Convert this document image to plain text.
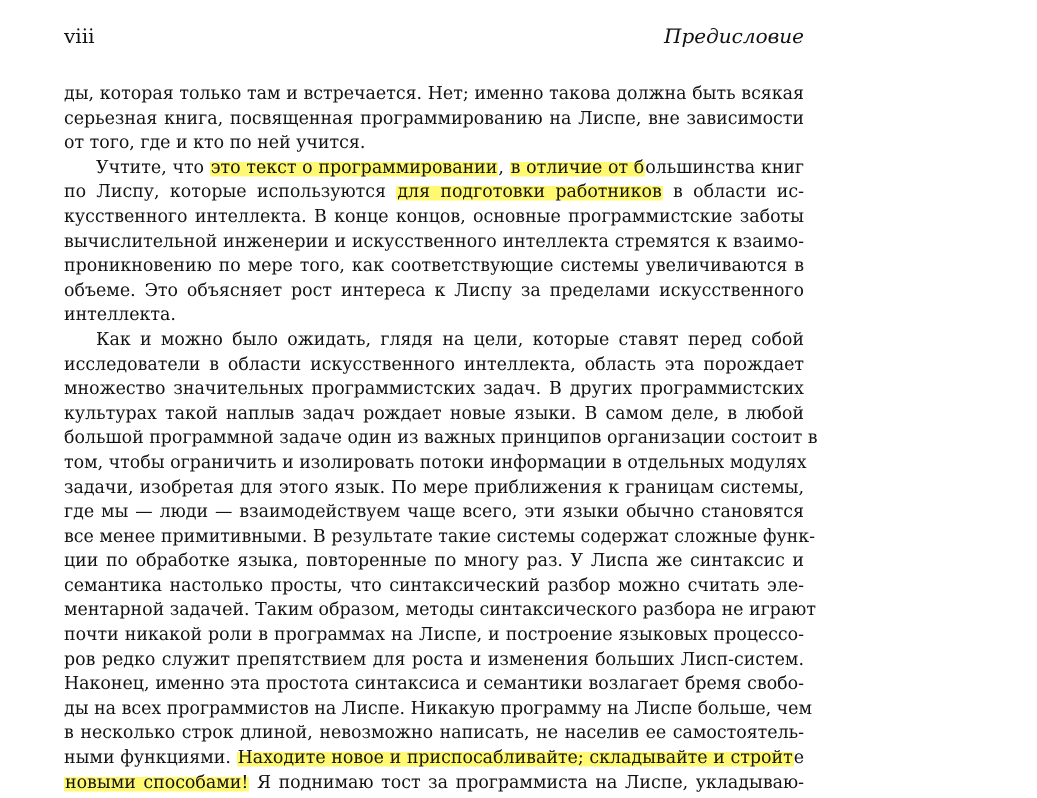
viii	Предисловие
ды, которая только там и встречается. Нет; именно такова должна быть всякая
серьезная книга, посвященная программированию на Лиспе, вне зависимости
от того, где и кто по ней учится.
Учтите, что это текст о программировании, в отличие от большинства книг
по Лиспу, которые используются для подготовки работников в области ис-
кусственного интеллекта. В конце концов, основные программистские заботы
вычислительной инженерии и искусственного интеллекта стремятся к взаимо-
проникновению по мере того, как соответствующие системы увеличиваются в
объеме. Это объясняет рост интереса к Лиспу за пределами искусственного
интеллекта.
Как и можно было ожидать, глядя на цели, которые ставят перед собой
исследователи в области искусственного интеллекта, область эта порождает
множество значительных программистских задач. В других программистских
культурах такой наплыв задач рождает новые языки. В самом деле, в любой
большой программной задаче один из важных принципов организации состоит в
том, чтобы ограничить и изолировать потоки информации в отдельных модулях
задачи, изобретая для этого язык. По мере приближения к границам системы,
где мы — люди — взаимодействуем чаще всего, эти языки обычно становятся
все менее примитивными. В результате такие системы содержат сложные функ-
ции по обработке языка, повторенные по многу раз. У Лиспа же синтаксис и
семантика настолько просты, что синтаксический разбор можно считать эле-
ментарной задачей. Таким образом, методы синтаксического разбора не играют
почти никакой роли в программах на Лиспе, и построение языковых процессо-
ров редко служит препятствием для роста и изменения больших Лисп-систем.
Наконец, именно эта простота синтаксиса и семантики возлагает бремя свобо-
ды на всех программистов на Лиспе. Никакую программу на Лиспе больше, чем
в несколько строк длиной, невозможно написать, не населив ее самостоятель-
ными функциями. Находите новое и приспосабливайте; складывайте и стройте
новыми способами! Я поднимаю тост за программиста на Лиспе, укладываю-
